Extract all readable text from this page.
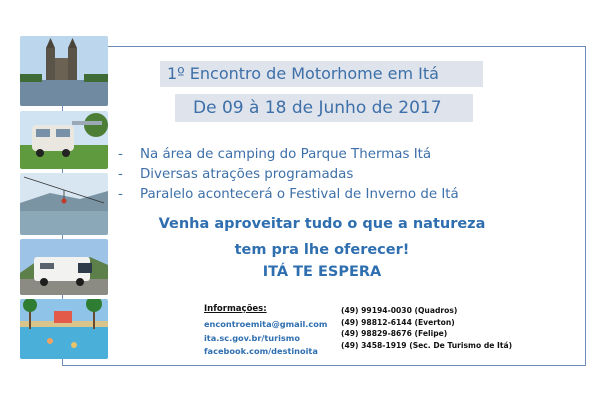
1º Encontro de Motorhome em Itá
De 09 à 18 de Junho de 2017
- Na área de camping do Parque Thermas Itá
- Diversas atrações programadas
- Paralelo acontecerá o Festival de Inverno de Itá
Venha aproveitar tudo o que a natureza
tem pra lhe oferecer!
ITÁ TE ESPERA
Informações:
encontroemita@gmail.com
ita.sc.gov.br/turismo
facebook.com/destinoita
(49) 99194-0030 (Quadros)
(49) 98812-6144 (Everton)
(49) 98829-8676 (Felipe)
(49) 3458-1919 (Sec. De Turismo de Itá)
